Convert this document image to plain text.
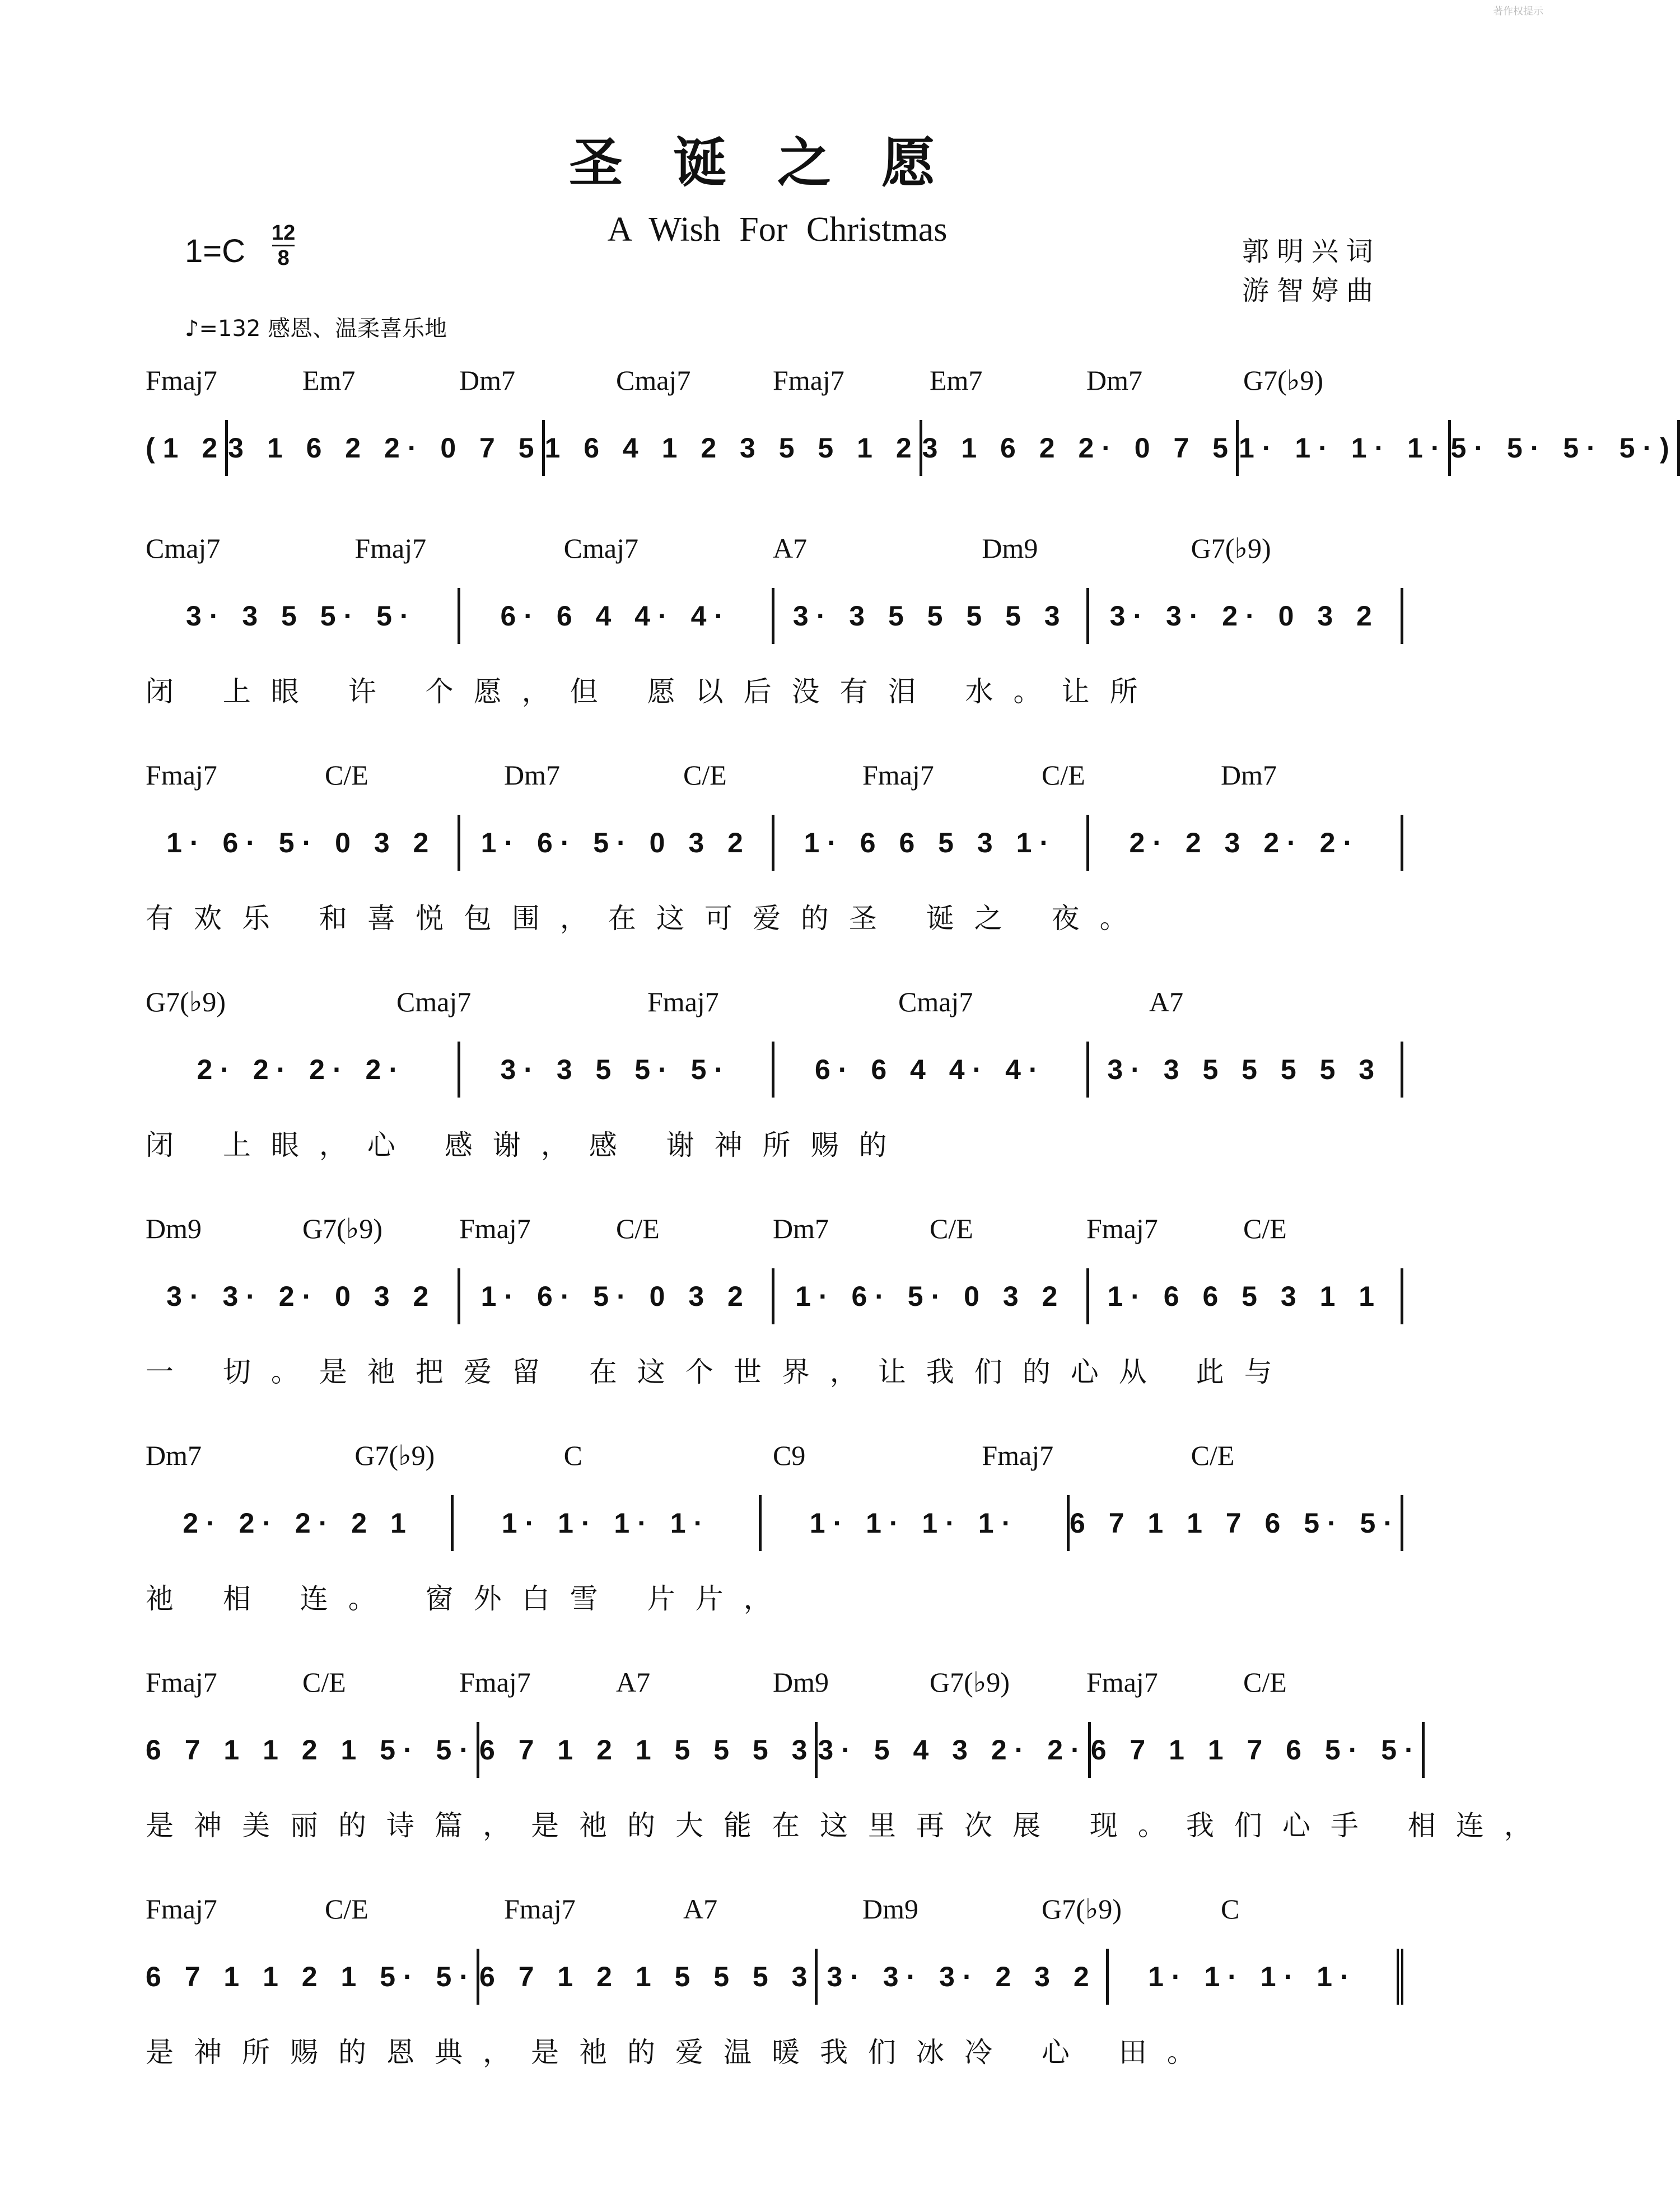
著作权提示
圣诞之愿
A Wish For Christmas
1=C 12
8	郭明兴词
游智婷曲
♪=132 感恩、温柔喜乐地
Fmaj7	Em7	Dm7	Cmaj7	Fmaj7	Em7	Dm7	G7(♭9)
(1 2 3 1 6 2 2· 0 7 5 1 6 4 1 2 3 5 5 1 2 3 1 6 2 2· 0 7 5 1· 1· 1· 1· 5· 5· 5· 5·)
Cmaj7	Fmaj7	Cmaj7	A7	Dm9	G7(♭9)
3· 3 5 5· 5·	6· 6 4 4· 4·	3· 3 5 5 5 5 3	3· 3· 2· 0 3 2
闭 上眼 许 个愿，但 愿以后没有泪 水。让所
Fmaj7	C/E	Dm7	C/E	Fmaj7	C/E	Dm7
1· 6· 5· 0 3 2	1· 6· 5· 0 3 2	1· 6 6 5 3 1·	2· 2 3 2· 2·
有欢乐 和喜悦包围，在这可爱的圣 诞之 夜。
G7(♭9)	Cmaj7	Fmaj7	Cmaj7	A7
2· 2· 2· 2·	3· 3 5 5· 5·	6· 6 4 4· 4·	3· 3 5 5 5 5 3
闭 上眼，心 感谢，感 谢神所赐的
Dm9	G7(♭9)	Fmaj7	C/E	Dm7	C/E	Fmaj7	C/E
3· 3· 2· 0 3 2	1· 6· 5· 0 3 2	1· 6· 5· 0 3 2	1· 6 6 5 3 1 1
一 切。是祂把爱留 在这个世界，让我们的心从 此与
Dm7	G7(♭9)	C	C9	Fmaj7	C/E
2· 2· 2· 2 1	1· 1· 1· 1·	1· 1· 1· 1·	6 7 1 1 7 6 5· 5·
祂 相 连。 窗外白雪 片片，
Fmaj7	C/E	Fmaj7	A7	Dm9	G7(♭9)	Fmaj7	C/E
6 7 1 1 2 1 5· 5· 6 7 1 2 1 5 5 5 3 3· 5 4 3 2· 2· 6 7 1 1 7 6 5· 5·
是神美丽的诗篇，是祂的大能在这里再次展 现。我们心手 相连，
Fmaj7	C/E	Fmaj7	A7	Dm9	G7(♭9)	C
6 7 1 1 2 1 5· 5· 6 7 1 2 1 5 5 5 3 3· 3· 3· 2 3 2	1· 1· 1· 1·
是神所赐的恩典，是祂的爱温暖我们冰冷 心 田。
